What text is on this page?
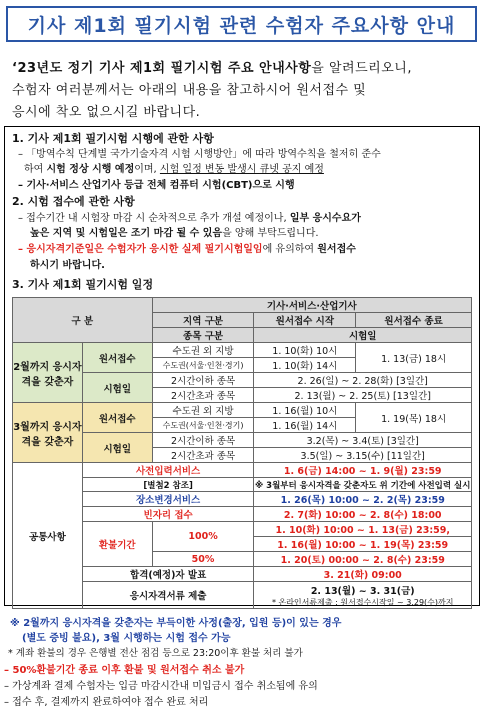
기사 제1회 필기시험 관련 수험자 주요사항 안내
‘23년도 정기 기사 제1회 필기시험 주요 안내사항을 알려드리오니,
수험자 여러분께서는 아래의 내용을 참고하시어 원서접수 및
응시에 착오 없으시길 바랍니다.
1. 기사 제1회 필기시험 시행에 관한 사항
– 「방역수칙 단계별 국가기술자격 시험 시행방안」에 따라 방역수칙을 철저히 준수
하여 시험 정상 시행 예정이며, 시험 일정 변동 발생시 큐넷 공지 예정
– 기사·서비스 산업기사 등급 전체 컴퓨터 시험(CBT)으로 시행
2. 시험 접수에 관한 사항
– 접수기간 내 시험장 마감 시 순차적으로 추가 개설 예정이나, 일부 응시수요가
높은 지역 및 시험일은 조기 마감 될 수 있음을 양해 부탁드립니다.
– 응시자격기준일은 수험자가 응시한 실제 필기시험일임에 유의하여 원서접수
하시기 바랍니다.
3. 기사 제1회 필기시험 일정
구 분		기사·서비스·산업기사		
		지역 구분	원서접수 시작	원서접수 종료
		종목 구분	시험일	
2월까지 응시자격을 갖춘자	원서접수	수도권 외 지방	1. 10(화) 10시	1. 13(금) 18시
		수도권(서울·인천·경기)	1. 10(화) 14시	
	시험일	2시간이하 종목	2. 26(일) ~ 2. 28(화) [3일간]	
		2시간초과 종목	2. 13(월) ~ 2. 25(토) [13일간]	
3월까지 응시자격을 갖춘자	원서접수	수도권 외 지방	1. 16(월) 10시	1. 19(목) 18시
		수도권(서울·인천·경기)	1. 16(월) 14시	
	시험일	2시간이하 종목	3.2(목) ~ 3.4(토) [3일간]	
		2시간초과 종목	3.5(일) ~ 3.15(수) [11일간]	
공통사항	사전입력서비스		1. 6(금) 14:00 ~ 1. 9(월) 23:59	
	[별첨2 참조]		※ 3월부터 응시자격을 갖춘자도 위 기간에 사전입력 실시	
	장소변경서비스		1. 26(목) 10:00 ~ 2. 2(목) 23:59	
	빈자리 접수		2. 7(화) 10:00 ~ 2. 8(수) 18:00	
	환불기간	100%	1. 10(화) 10:00 ~ 1. 13(금) 23:59,	
			1. 16(월) 10:00 ~ 1. 19(목) 23:59	
		50%	1. 20(토) 00:00 ~ 2. 8(수) 23:59	

	합격(예정)자 발표		3. 21(화) 09:00	
	응시자격서류 제출		2. 13(월) ~ 3. 31(금)
* 온라인서류제출 : 원서접수시작일 ~ 3.29(수)까지	
※ 2월까지 응시자격을 갖춘자는 부득이한 사정(출장, 입원 등)이 있는 경우
(별도 증빙 불요), 3월 시행하는 시험 접수 가능
* 계좌 환불의 경우 은행별 전산 점검 등으로 23:20이후 환불 처리 불가
– 50%환불기간 종료 이후 환불 및 원서접수 취소 불가
– 가상계좌 결제 수험자는 입금 마감시간내 미입금시 접수 취소됨에 유의
– 접수 후, 결제까지 완료하여야 접수 완료 처리
